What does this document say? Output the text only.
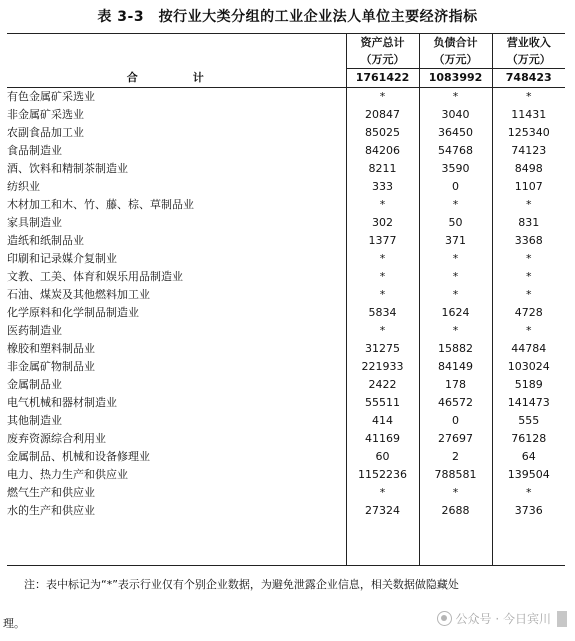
表 3-3　按行业大类分组的工业企业法人单位主要经济指标
	资产总计	负债合计	营业收入
	（万元）	（万元）	（万元）
合　计	1761422	1083992	748423
有色金属矿采选业	*	*	*
非金属矿采选业	20847	3040	11431
农副食品加工业	85025	36450	125340
食品制造业	84206	54768	74123
酒、饮料和精制茶制造业	8211	3590	8498
纺织业	333	0	1107
木材加工和木、竹、藤、棕、草制品业	*	*	*
家具制造业	302	50	831
造纸和纸制品业	1377	371	3368
印刷和记录媒介复制业	*	*	*
文教、工美、体育和娱乐用品制造业	*	*	*
石油、煤炭及其他燃料加工业	*	*	*
化学原料和化学制品制造业	5834	1624	4728
医药制造业	*	*	*
橡胶和塑料制品业	31275	15882	44784
非金属矿物制品业	221933	84149	103024
金属制品业	2422	178	5189
电气机械和器材制造业	55511	46572	141473
其他制造业	414	0	555
废弃资源综合利用业	41169	27697	76128
金属制品、机械和设备修理业	60	2	64
电力、热力生产和供应业	1152236	788581	139504
燃气生产和供应业	*	*	*
水的生产和供应业	27324	2688	3736

注：表中标记为“*”表示行业仅有个别企业数据，为避免泄露企业信息，相关数据做隐藏处
理。	公众号 · 今日宾川
